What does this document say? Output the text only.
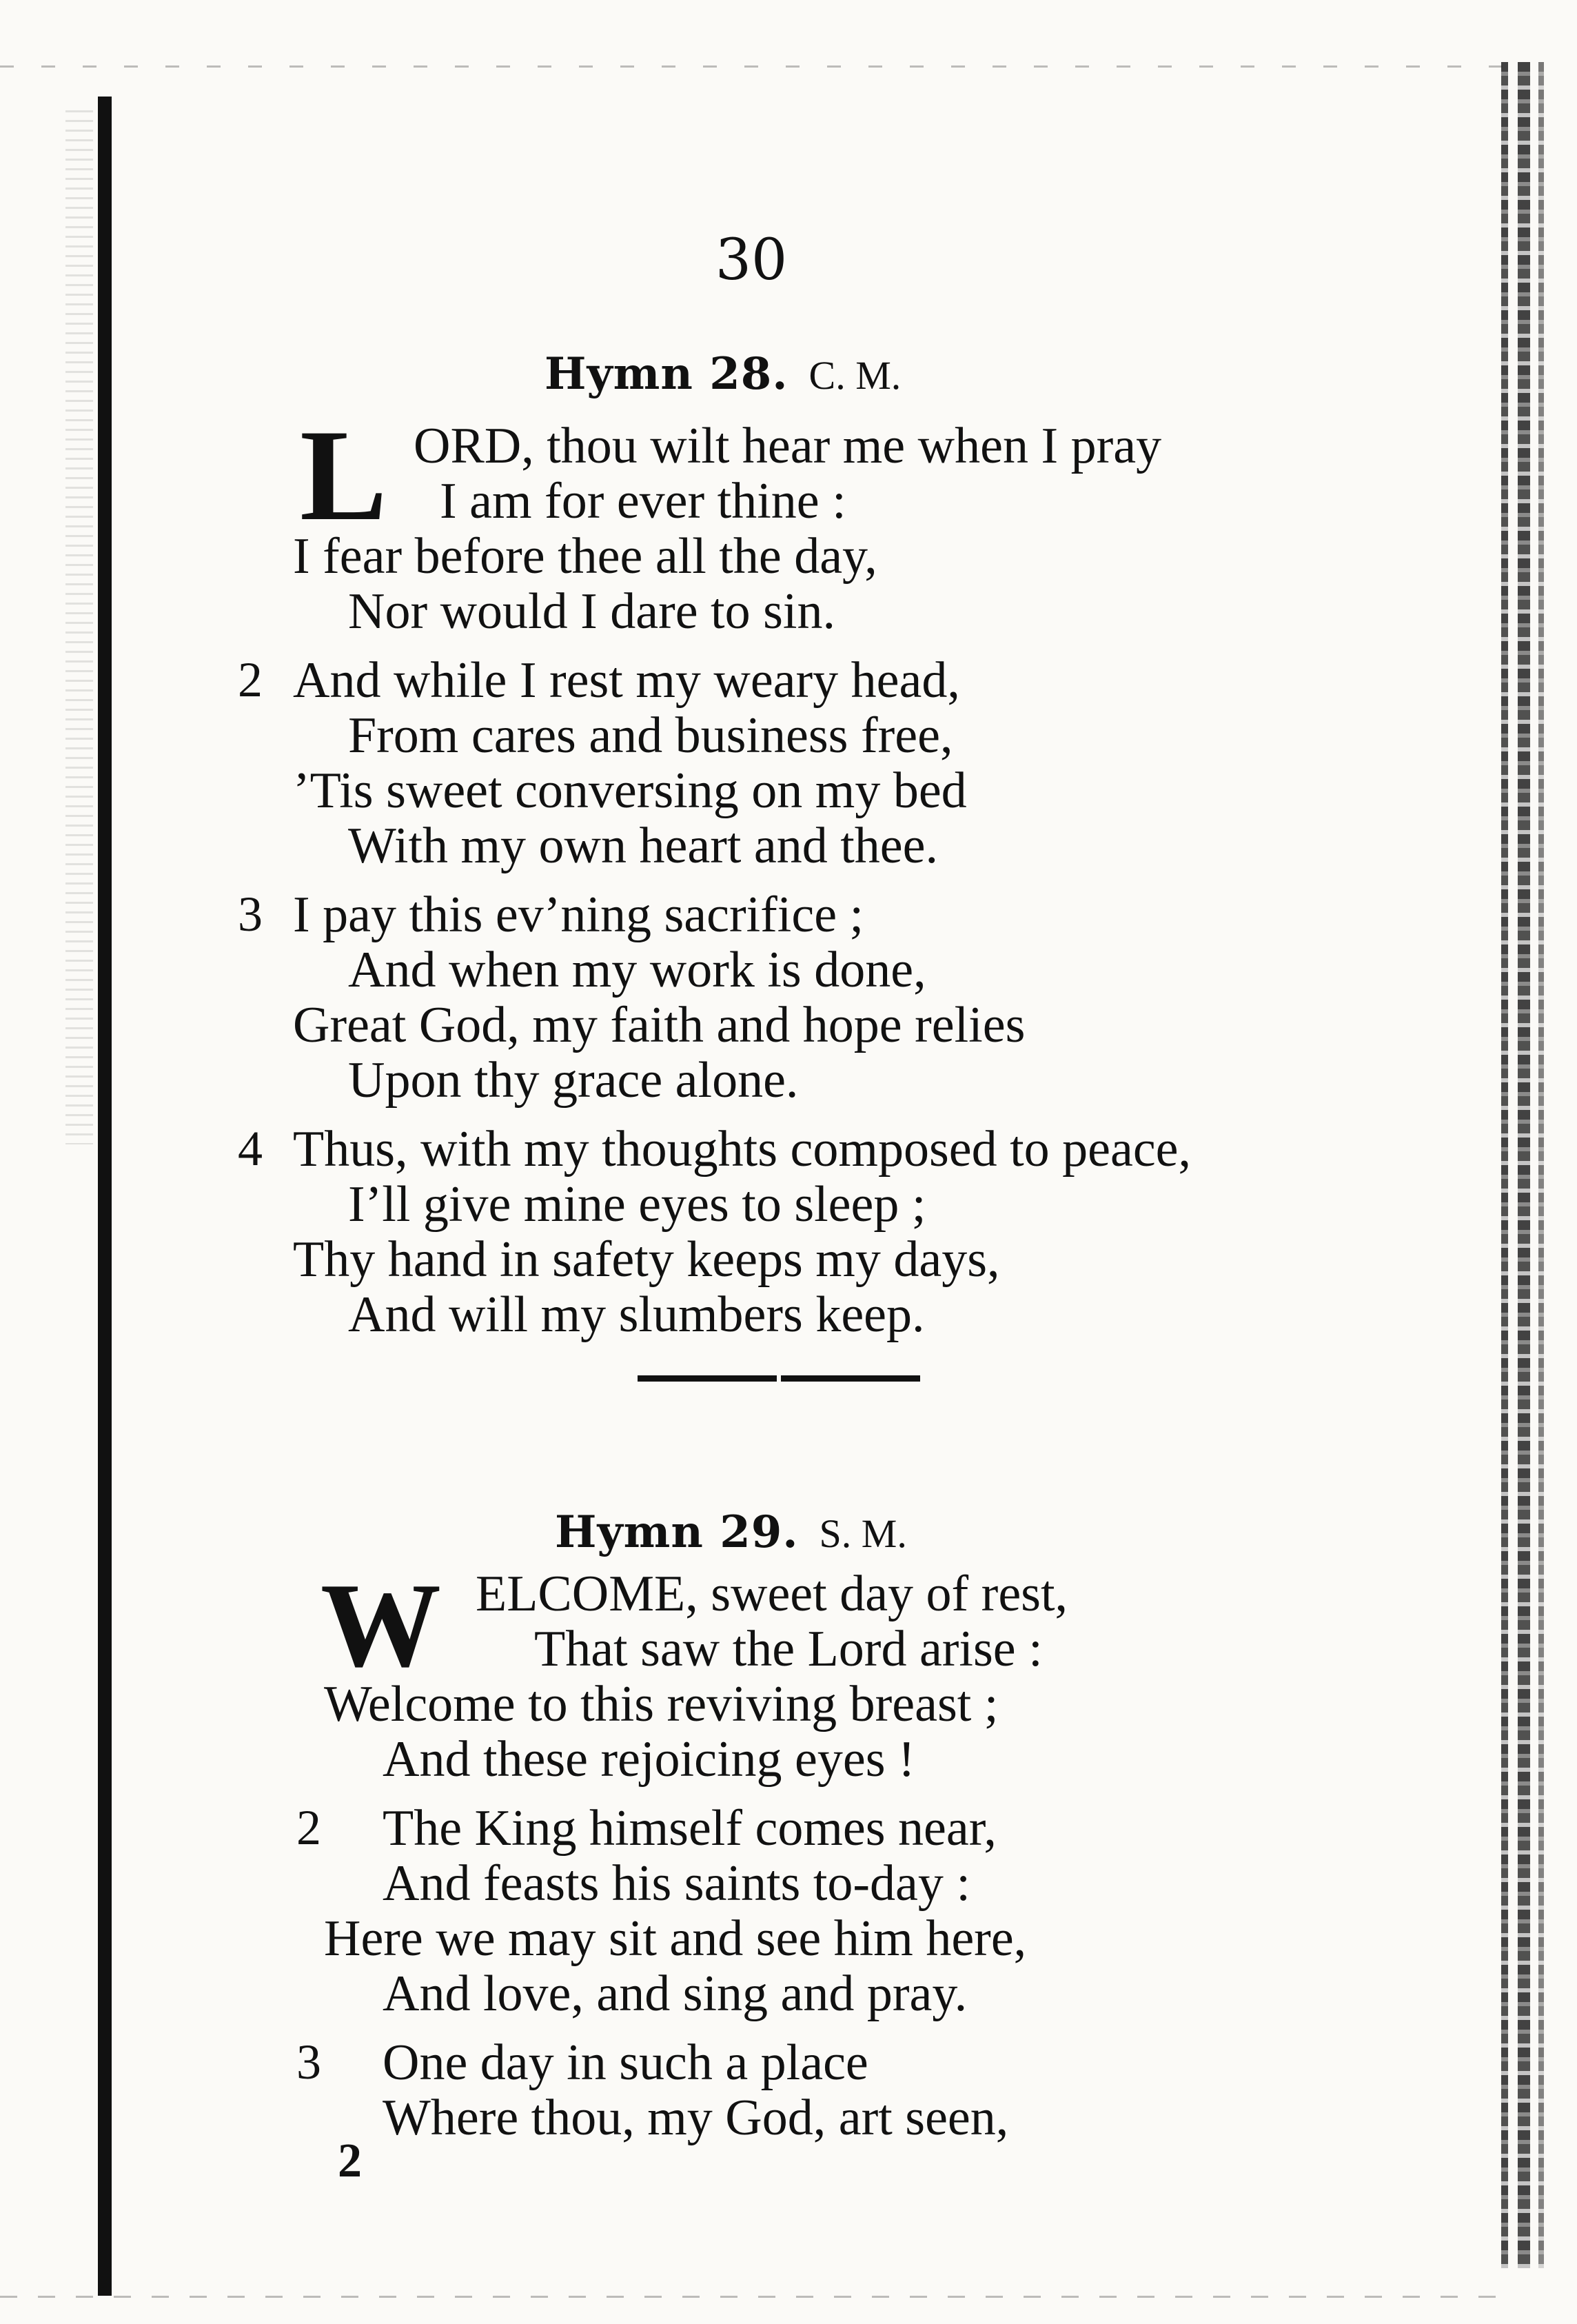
30
Hymn 28. C. M.
L ORD, thou wilt hear me when I pray
I am for ever thine :
I fear before thee all the day,
Nor would I dare to sin.
2 And while I rest my weary head,
From cares and business free,
’Tis sweet conversing on my bed
With my own heart and thee.
3 I pay this ev’ning sacrifice ;
And when my work is done,
Great God, my faith and hope relies
Upon thy grace alone.
4 Thus, with my thoughts composed to peace,
I’ll give mine eyes to sleep ;
Thy hand in safety keeps my days,
And will my slumbers keep.
Hymn 29. S. M.
W ELCOME, sweet day of rest,
That saw the Lord arise :
Welcome to this reviving breast ;
And these rejoicing eyes !
2 The King himself comes near,
And feasts his saints to-day :
Here we may sit and see him here,
And love, and sing and pray.
3 One day in such a place
Where thou, my God, art seen,
2
